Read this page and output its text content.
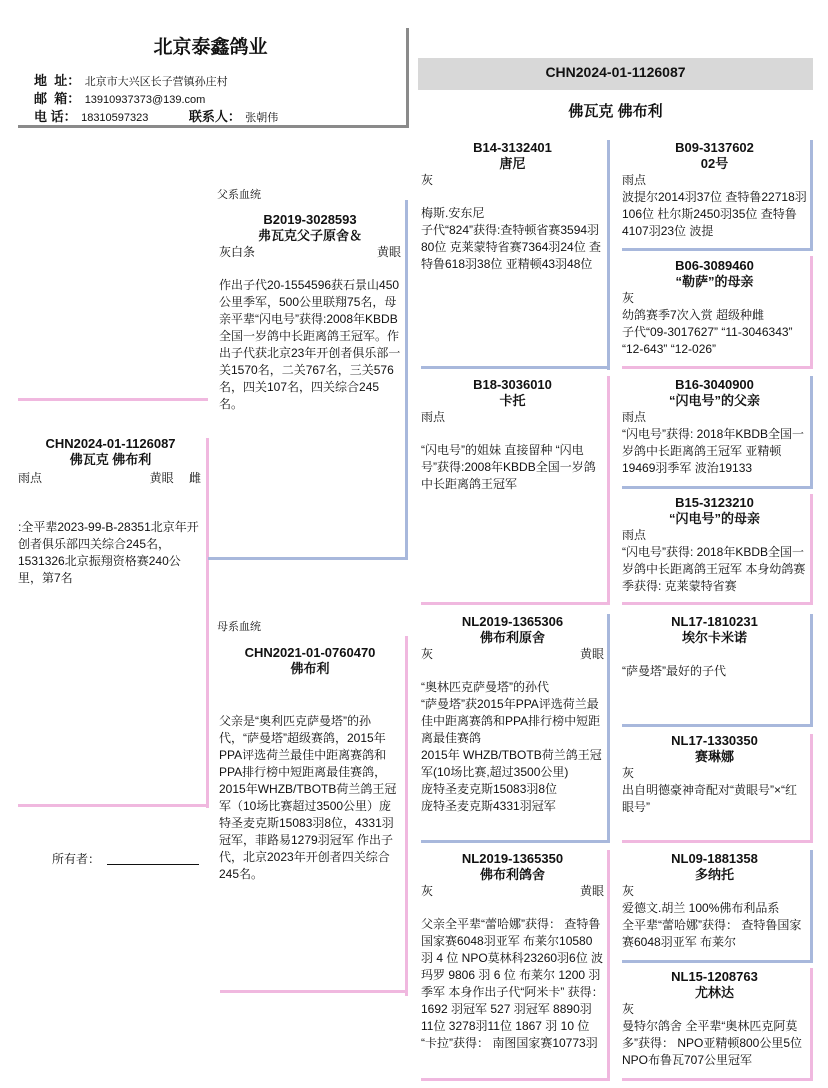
北京泰鑫鸽业
地  址： 北京市大兴区长子营镇孙庄村
邮  箱： 13910937373@139.com
电 话： 18310597323	联系人： 张朝伟
CHN2024-01-1126087
佛瓦克 佛布利
CHN2024-01-1126087
佛瓦克 佛布利
雨点	黄眼 雌
:全平辈2023-99-B-28351北京年开创者俱乐部四关综合245名，1531326北京振翔资格赛240公里，第7名
所有者：
父系血统
B2019-3028593
弗瓦克父子原舍＆
灰白条	黄眼
作出子代20-1554596获石景山450公里季军，500公里联翔75名，母亲平辈“闪电号”获得:2008年KBDB全国一岁鸽中长距离鸽王冠军。作出子代获北京23年开创者俱乐部一关1570名，二关767名，三关576名，四关107名，四关综合245名。
母系血统
CHN2021-01-0760470
佛布利
父亲是“奥利匹克萨曼塔”的孙代，“萨曼塔”超级赛鸽，2015年PPA评选荷兰最佳中距离赛鸽和PPA排行榜中短距离最佳赛鸽，2015年WHZB/TBOTB荷兰鸽王冠军（10场比赛超过3500公里）庞特圣麦克斯15083羽8位，4331羽冠军，菲路易1279羽冠军 作出子代，北京2023年开创者四关综合245名。
B14-3132401
唐尼
灰
梅斯.安东尼
子代“824”获得:查特顿省赛3594羽80位 克莱蒙特省赛7364羽24位 查特鲁618羽38位 亚精顿43羽48位
B18-3036010
卡托
雨点
“闪电号”的姐妹 直接留种 “闪电号”获得:2008年KBDB全国一岁鸽中长距离鸽王冠军
NL2019-1365306
佛布利原舍
灰	黄眼
“奥林匹克萨曼塔”的孙代
“萨曼塔”获2015年PPA评选荷兰最佳中距离赛鸽和PPA排行榜中短距离最佳赛鸽
2015年 WHZB/TBOTB荷兰鸽王冠军(10场比赛,超过3500公里)
庞特圣麦克斯15083羽8位
庞特圣麦克斯4331羽冠军
NL2019-1365350
佛布利鸽舍
灰	黄眼
父亲全平辈“蕾哈娜”获得： 查特鲁国家赛6048羽亚军 布莱尔10580 羽 4 位 NPO莫林科23260羽6位 波玛罗 9806 羽 6 位 布莱尔 1200 羽季军 本身作出子代“阿米卡” 获得： 1692 羽冠军 527 羽冠军 8890羽11位 3278羽11位 1867 羽 10 位 “卡拉”获得： 南图国家赛10773羽
B09-3137602
02号
雨点
波提尔2014羽37位 查特鲁22718羽106位 杜尔斯2450羽35位 查特鲁4107羽23位 波提
B06-3089460
“勒萨”的母亲
灰
幼鸽赛季7次入赏 超级种雌
子代“09-3017627” “11-3046343” “12-643” “12-026”
B16-3040900
“闪电号”的父亲
雨点
“闪电号”获得: 2018年KBDB全国一岁鸽中长距离鸽王冠军 亚精顿19469羽季军 波治19133
B15-3123210
“闪电号”的母亲
雨点
“闪电号”获得: 2018年KBDB全国一岁鸽中长距离鸽王冠军 本身幼鸽赛季获得: 克莱蒙特省赛
NL17-1810231
埃尔卡米诺
“萨曼塔”最好的子代
NL17-1330350
赛琳娜
灰
出自明德豪神奇配对“黄眼号”×“红眼号”
NL09-1881358
多纳托
灰
爱德文.胡兰 100%佛布利品系
全平辈“蕾哈娜”获得： 查特鲁国家赛6048羽亚军 布莱尔
NL15-1208763
尤林达
灰
曼特尔鸽舍 全平辈“奥林匹克阿莫多”获得： NPO亚精顿800公里5位 NPO布鲁瓦707公里冠军
